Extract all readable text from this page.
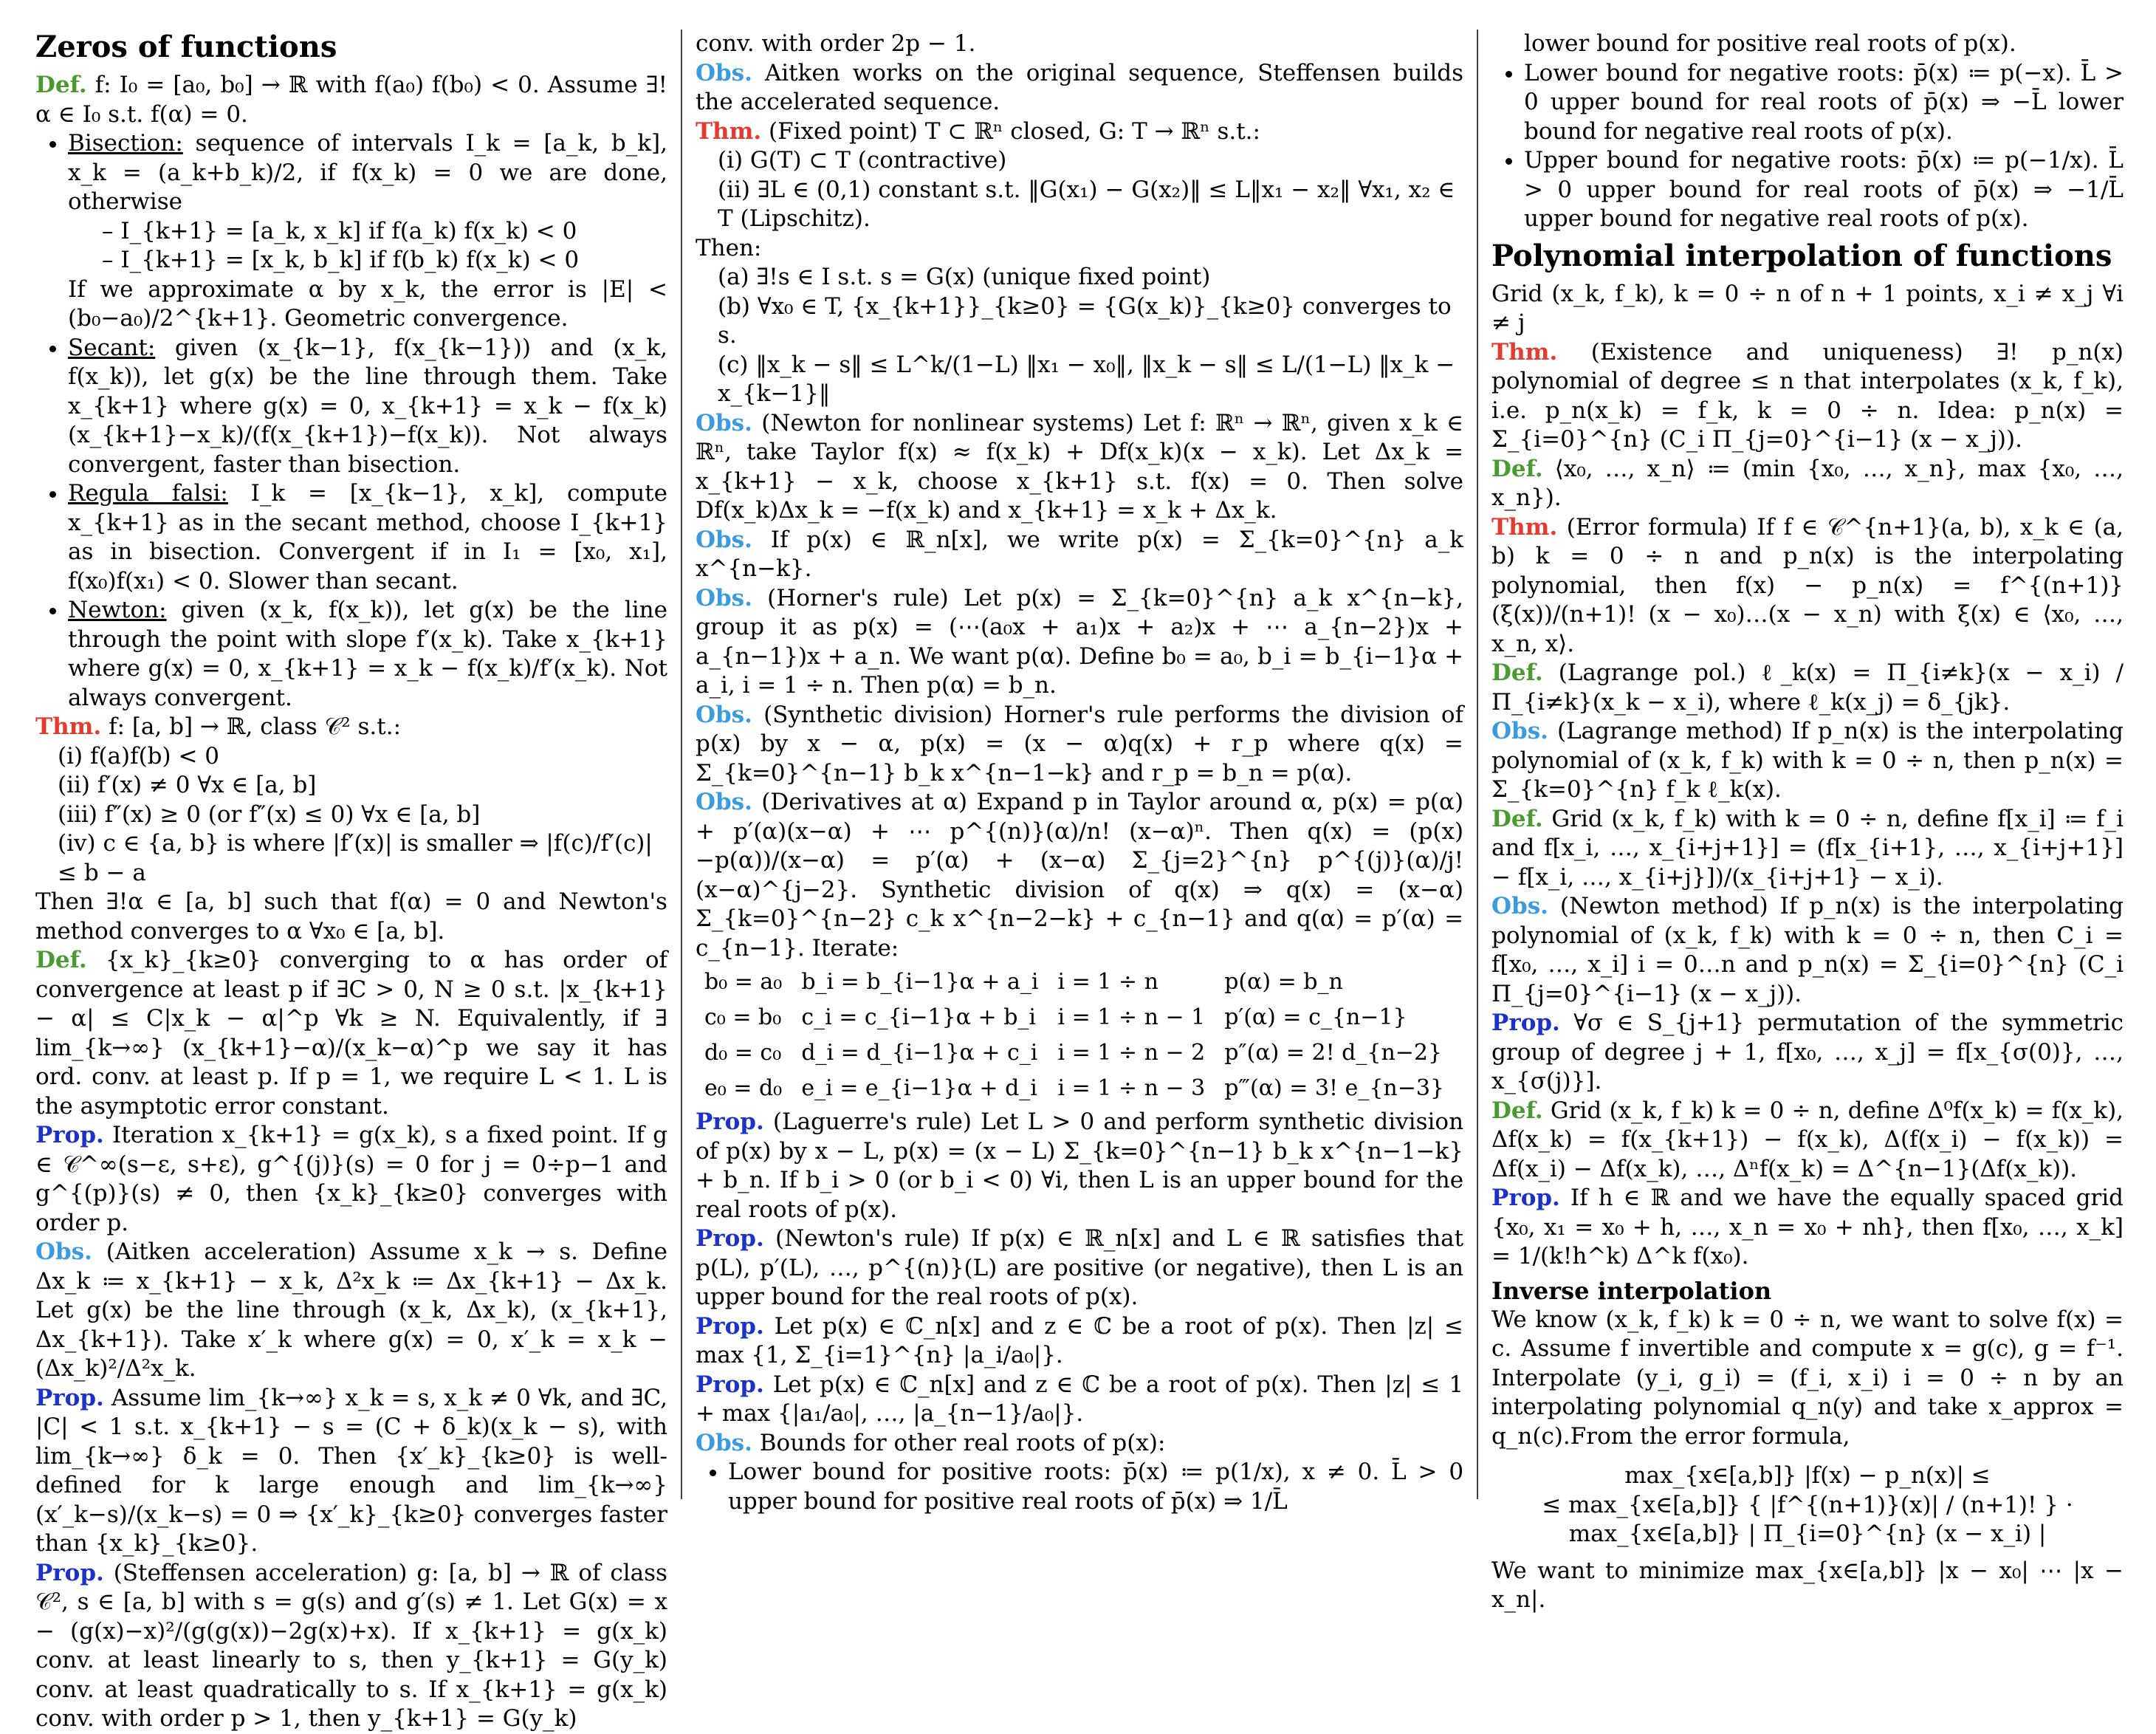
Zeros of functions

Def. f: I₀ = [a₀, b₀] → ℝ with f(a₀) f(b₀) < 0. Assume ∃!α ∈ I₀ s.t. f(α) = 0.

• Bisection: sequence of intervals I_k = [a_k, b_k], x_k = (a_k+b_k)/2, if f(x_k) = 0 we are done, otherwise
– I_{k+1} = [a_k, x_k] if f(a_k) f(x_k) < 0
– I_{k+1} = [x_k, b_k] if f(b_k) f(x_k) < 0

If we approximate α by x_k, the error is |E| < (b₀−a₀)/2^{k+1}. Geometric convergence.

• Secant: given (x_{k−1}, f(x_{k−1})) and (x_k, f(x_k)), let g(x) be the line through them. Take x_{k+1} where g(x) = 0, x_{k+1} = x_k − f(x_k) (x_{k+1}−x_k)/(f(x_{k+1})−f(x_k)). Not always convergent, faster than bisection.
• Regula falsi: I_k = [x_{k−1}, x_k], compute x_{k+1} as in the secant method, choose I_{k+1} as in bisection. Convergent if in I₁ = [x₀, x₁], f(x₀)f(x₁) < 0. Slower than secant.
• Newton: given (x_k, f(x_k)), let g(x) be the line through the point with slope f′(x_k). Take x_{k+1} where g(x) = 0, x_{k+1} = x_k − f(x_k)/f′(x_k). Not always convergent.

Thm. f: [a, b] → ℝ, class 𝒞² s.t.:

(i) f(a)f(b) < 0
(ii) f′(x) ≠ 0 ∀x ∈ [a, b]
(iii) f″(x) ≥ 0 (or f″(x) ≤ 0) ∀x ∈ [a, b]
(iv) c ∈ {a, b} is where |f′(x)| is smaller ⇒ |f(c)/f′(c)| ≤ b − a

Then ∃!α ∈ [a, b] such that f(α) = 0 and Newton's method converges to α ∀x₀ ∈ [a, b].

Def. {x_k}_{k≥0} converging to α has order of convergence at least p if ∃C > 0, N ≥ 0 s.t. |x_{k+1} − α| ≤ C|x_k − α|^p ∀k ≥ N. Equivalently, if ∃ lim_{k→∞} (x_{k+1}−α)/(x_k−α)^p we say it has ord. conv. at least p. If p = 1, we require L < 1. L is the asymptotic error constant.

Prop. Iteration x_{k+1} = g(x_k), s a fixed point. If g ∈ 𝒞^∞(s−ε, s+ε), g^{(j)}(s) = 0 for j = 0÷p−1 and g^{(p)}(s) ≠ 0, then {x_k}_{k≥0} converges with order p.

Obs. (Aitken acceleration) Assume x_k → s. Define Δx_k ≔ x_{k+1} − x_k, Δ²x_k ≔ Δx_{k+1} − Δx_k. Let g(x) be the line through (x_k, Δx_k), (x_{k+1}, Δx_{k+1}). Take x′_k where g(x) = 0, x′_k = x_k − (Δx_k)²/Δ²x_k.

Prop. Assume lim_{k→∞} x_k = s, x_k ≠ 0 ∀k, and ∃C, |C| < 1 s.t. x_{k+1} − s = (C + δ_k)(x_k − s), with lim_{k→∞} δ_k = 0. Then {x′_k}_{k≥0} is well-defined for k large enough and lim_{k→∞} (x′_k−s)/(x_k−s) = 0 ⇒ {x′_k}_{k≥0} converges faster than {x_k}_{k≥0}.

Prop. (Steffensen acceleration) g: [a, b] → ℝ of class 𝒞², s ∈ [a, b] with s = g(s) and g′(s) ≠ 1. Let G(x) = x − (g(x)−x)²/(g(g(x))−2g(x)+x). If x_{k+1} = g(x_k) conv. at least linearly to s, then y_{k+1} = G(y_k) conv. at least quadratically to s. If x_{k+1} = g(x_k) conv. with order p > 1, then y_{k+1} = G(y_k)

conv. with order 2p − 1.

Obs. Aitken works on the original sequence, Steffensen builds the accelerated sequence.

Thm. (Fixed point) T ⊂ ℝⁿ closed, G: T → ℝⁿ s.t.:

(i) G(T) ⊂ T (contractive)
(ii) ∃L ∈ (0,1) constant s.t. ‖G(x₁) − G(x₂)‖ ≤ L‖x₁ − x₂‖ ∀x₁, x₂ ∈ T (Lipschitz).

Then:

(a) ∃!s ∈ I s.t. s = G(x) (unique fixed point)
(b) ∀x₀ ∈ T, {x_{k+1}}_{k≥0} = {G(x_k)}_{k≥0} converges to s.
(c) ‖x_k − s‖ ≤ L^k/(1−L) ‖x₁ − x₀‖, ‖x_k − s‖ ≤ L/(1−L) ‖x_k − x_{k−1}‖

Obs. (Newton for nonlinear systems) Let f: ℝⁿ → ℝⁿ, given x_k ∈ ℝⁿ, take Taylor f(x) ≈ f(x_k) + Df(x_k)(x − x_k). Let Δx_k = x_{k+1} − x_k, choose x_{k+1} s.t. f(x) = 0. Then solve Df(x_k)Δx_k = −f(x_k) and x_{k+1} = x_k + Δx_k.

Obs. If p(x) ∈ ℝ_n[x], we write p(x) = Σ_{k=0}^{n} a_k x^{n−k}.

Obs. (Horner's rule) Let p(x) = Σ_{k=0}^{n} a_k x^{n−k}, group it as p(x) = (⋯(a₀x + a₁)x + a₂)x + ⋯ a_{n−2})x + a_{n−1})x + a_n. We want p(α). Define b₀ = a₀, b_i = b_{i−1}α + a_i, i = 1 ÷ n. Then p(α) = b_n.

Obs. (Synthetic division) Horner's rule performs the division of p(x) by x − α, p(x) = (x − α)q(x) + r_p where q(x) = Σ_{k=0}^{n−1} b_k x^{n−1−k} and r_p = b_n = p(α).

Obs. (Derivatives at α) Expand p in Taylor around α, p(x) = p(α) + p′(α)(x−α) + ⋯ p^{(n)}(α)/n! (x−α)ⁿ. Then q(x) = (p(x)−p(α))/(x−α) = p′(α) + (x−α) Σ_{j=2}^{n} p^{(j)}(α)/j! (x−α)^{j−2}. Synthetic division of q(x) ⇒ q(x) = (x−α) Σ_{k=0}^{n−2} c_k x^{n−2−k} + c_{n−1} and q(α) = p′(α) = c_{n−1}. Iterate:

b₀ = a₀	b_i = b_{i−1}α + a_i	i = 1 ÷ n	p(α) = b_n
c₀ = b₀	c_i = c_{i−1}α + b_i	i = 1 ÷ n − 1	p′(α) = c_{n−1}
d₀ = c₀	d_i = d_{i−1}α + c_i	i = 1 ÷ n − 2	p″(α) = 2! d_{n−2}
e₀ = d₀	e_i = e_{i−1}α + d_i	i = 1 ÷ n − 3	p‴(α) = 3! e_{n−3}

Prop. (Laguerre's rule) Let L > 0 and perform synthetic division of p(x) by x − L, p(x) = (x − L) Σ_{k=0}^{n−1} b_k x^{n−1−k} + b_n. If b_i > 0 (or b_i < 0) ∀i, then L is an upper bound for the real roots of p(x).

Prop. (Newton's rule) If p(x) ∈ ℝ_n[x] and L ∈ ℝ satisfies that p(L), p′(L), …, p^{(n)}(L) are positive (or negative), then L is an upper bound for the real roots of p(x).

Prop. Let p(x) ∈ ℂ_n[x] and z ∈ ℂ be a root of p(x). Then |z| ≤ max {1, Σ_{i=1}^{n} |a_i/a₀|}.

Prop. Let p(x) ∈ ℂ_n[x] and z ∈ ℂ be a root of p(x). Then |z| ≤ 1 + max {|a₁/a₀|, …, |a_{n−1}/a₀|}.

Obs. Bounds for other real roots of p(x):

• Lower bound for positive roots: p̄(x) ≔ p(1/x), x ≠ 0. L̄ > 0 upper bound for positive real roots of p̄(x) ⇒ 1/L̄

lower bound for positive real roots of p(x).

• Lower bound for negative roots: p̄(x) ≔ p(−x). L̄ > 0 upper bound for real roots of p̄(x) ⇒ −L̄ lower bound for negative real roots of p(x).
• Upper bound for negative roots: p̄(x) ≔ p(−1/x). L̄ > 0 upper bound for real roots of p̄(x) ⇒ −1/L̄ upper bound for negative real roots of p(x).
Polynomial interpolation of functions

Grid (x_k, f_k), k = 0 ÷ n of n + 1 points, x_i ≠ x_j ∀i ≠ j

Thm. (Existence and uniqueness) ∃! p_n(x) polynomial of degree ≤ n that interpolates (x_k, f_k), i.e. p_n(x_k) = f_k, k = 0 ÷ n. Idea: p_n(x) = Σ_{i=0}^{n} (C_i Π_{j=0}^{i−1} (x − x_j)).

Def. ⟨x₀, …, x_n⟩ ≔ (min {x₀, …, x_n}, max {x₀, …, x_n}).

Thm. (Error formula) If f ∈ 𝒞^{n+1}(a, b), x_k ∈ (a, b) k = 0 ÷ n and p_n(x) is the interpolating polynomial, then f(x) − p_n(x) = f^{(n+1)}(ξ(x))/(n+1)! (x − x₀)…(x − x_n) with ξ(x) ∈ ⟨x₀, …, x_n, x⟩.

Def. (Lagrange pol.) ℓ_k(x) = Π_{i≠k}(x − x_i) / Π_{i≠k}(x_k − x_i), where ℓ_k(x_j) = δ_{jk}.

Obs. (Lagrange method) If p_n(x) is the interpolating polynomial of (x_k, f_k) with k = 0 ÷ n, then p_n(x) = Σ_{k=0}^{n} f_k ℓ_k(x).

Def. Grid (x_k, f_k) with k = 0 ÷ n, define f[x_i] ≔ f_i and f[x_i, …, x_{i+j+1}] = (f[x_{i+1}, …, x_{i+j+1}] − f[x_i, …, x_{i+j}])/(x_{i+j+1} − x_i).

Obs. (Newton method) If p_n(x) is the interpolating polynomial of (x_k, f_k) with k = 0 ÷ n, then C_i = f[x₀, …, x_i] i = 0…n and p_n(x) = Σ_{i=0}^{n} (C_i Π_{j=0}^{i−1} (x − x_j)).

Prop. ∀σ ∈ S_{j+1} permutation of the symmetric group of degree j + 1, f[x₀, …, x_j] = f[x_{σ(0)}, …, x_{σ(j)}].

Def. Grid (x_k, f_k) k = 0 ÷ n, define Δ⁰f(x_k) = f(x_k), Δf(x_k) = f(x_{k+1}) − f(x_k), Δ(f(x_i) − f(x_k)) = Δf(x_i) − Δf(x_k), …, Δⁿf(x_k) = Δ^{n−1}(Δf(x_k)).

Prop. If h ∈ ℝ and we have the equally spaced grid {x₀, x₁ = x₀ + h, …, x_n = x₀ + nh}, then f[x₀, …, x_k] = 1/(k!h^k) Δ^k f(x₀).

Inverse interpolation

We know (x_k, f_k) k = 0 ÷ n, we want to solve f(x) = c. Assume f invertible and compute x = g(c), g = f⁻¹. Interpolate (y_i, g_i) = (f_i, x_i) i = 0 ÷ n by an interpolating polynomial q_n(y) and take x_approx = q_n(c).From the error formula,

max_{x∈[a,b]} |f(x) − p_n(x)| ≤

≤ max_{x∈[a,b]} { |f^{(n+1)}(x)| / (n+1)! } · max_{x∈[a,b]} | Π_{i=0}^{n} (x − x_i) |

We want to minimize max_{x∈[a,b]} |x − x₀| ⋯ |x − x_n|.
